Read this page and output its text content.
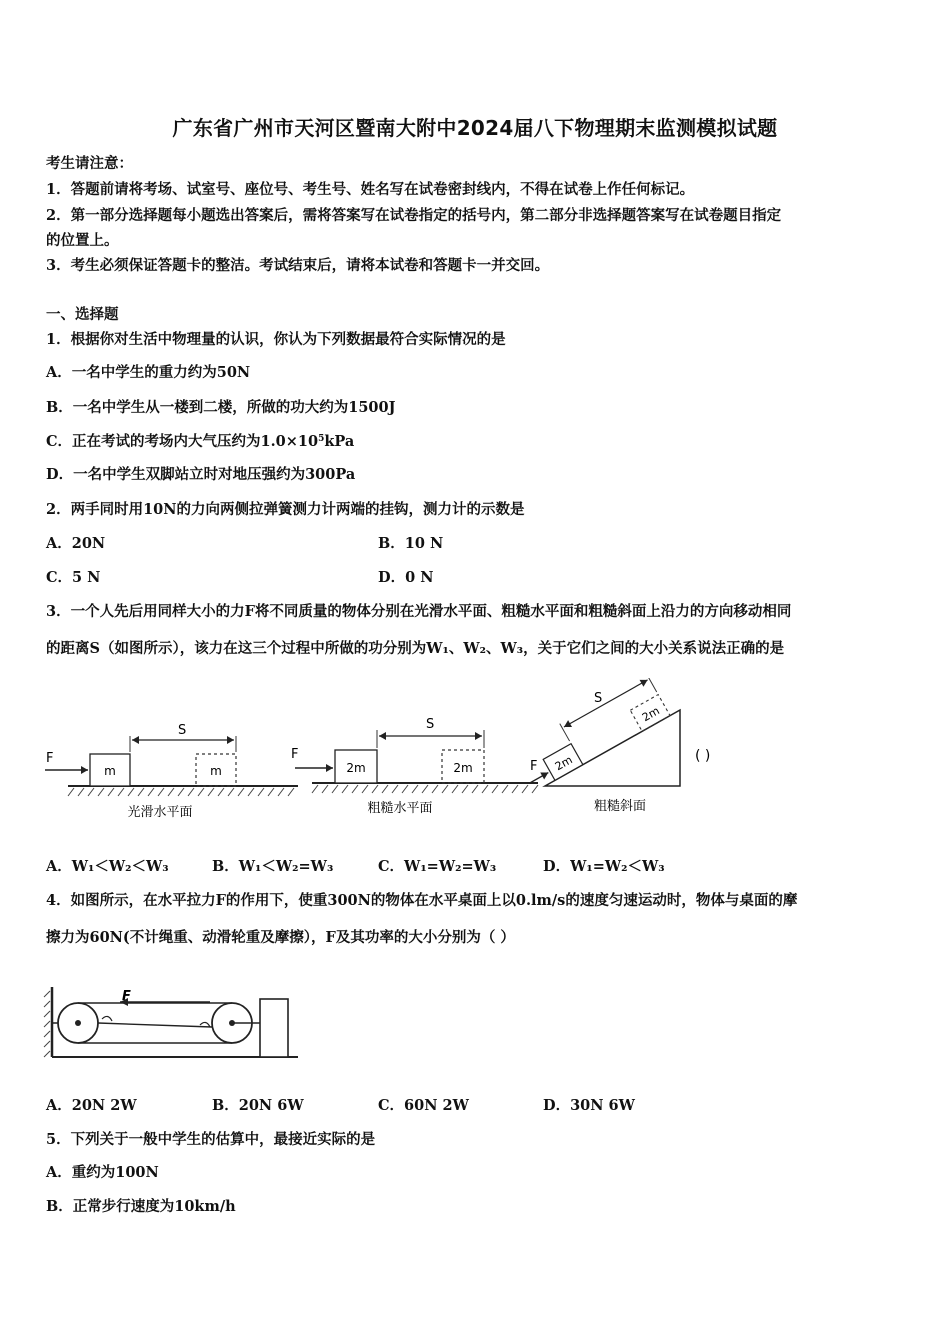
广东省广州市天河区暨南大附中2024届八下物理期末监测模拟试题
考生请注意：
1．答题前请将考场、试室号、座位号、考生号、姓名写在试卷密封线内，不得在试卷上作任何标记。
2．第一部分选择题每小题选出答案后，需将答案写在试卷指定的括号内，第二部分非选择题答案写在试卷题目指定
的位置上。
3．考生必须保证答题卡的整洁。考试结束后，请将本试卷和答题卡一并交回。
一、选择题
1．根据你对生活中物理量的认识，你认为下列数据最符合实际情况的是
A．一名中学生的重力约为50N
B．一名中学生从一楼到二楼，所做的功大约为1500J
C．正在考试的考场内大气压约为$1.0\times 10^5kPa$
D．一名中学生双脚站立时对地压强约为300Pa
2．两手同时用10N的力向两侧拉弹簧测力计两端的挂钩，测力计的示数是
A．20N	B．10 N
C．5 N	D．0 N
3．一个人先后用同样大小的力F将不同质量的物体分别在光滑水平面、粗糙水平面和粗糙斜面上沿力的方向移动相同
的距离S（如图所示），该力在这三个过程中所做的功分别为W₁、W₂、W₃，关于它们之间的大小关系说法正确的是
m	m
F
S
光滑水平面
2m	2m
F
S
粗糙水平面
2m
2m
S
F
粗糙斜面
( )
A．W₁＜W₂＜W₃	B．W₁＜W₂=W₃	C．W₁=W₂=W₃	D．W₁=W₂＜W₃
4．如图所示，在水平拉力F的作用下，使重300N的物体在水平桌面上以0.lm/s的速度匀速运动时，物体与桌面的摩
擦力为60N(不计绳重、动滑轮重及摩擦），F及其功率的大小分别为（ ）
F
A．20N 2W	B．20N 6W	C．60N 2W	D．30N 6W
5．下列关于一般中学生的估算中，最接近实际的是
A．重约为100N
B．正常步行速度为10km/h
